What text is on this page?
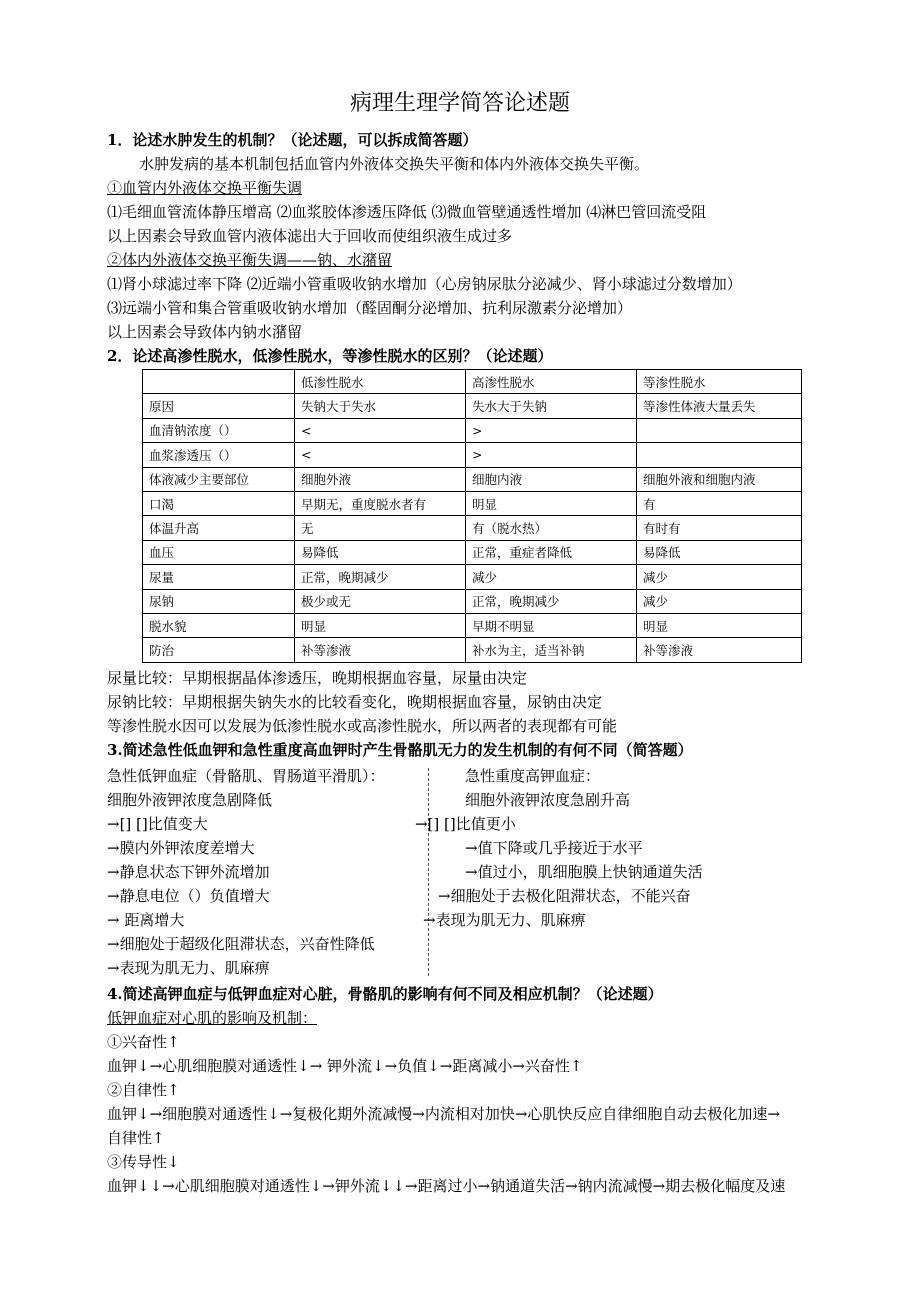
病理生理学简答论述题
1．论述水肿发生的机制？（论述题，可以拆成简答题）
水肿发病的基本机制包括血管内外液体交换失平衡和体内外液体交换失平衡。
①血管内外液体交换平衡失调
⑴毛细血管流体静压增高 ⑵血浆胶体渗透压降低 ⑶微血管壁通透性增加 ⑷淋巴管回流受阻
以上因素会导致血管内液体滤出大于回收而使组织液生成过多
②体内外液体交换平衡失调——钠、水潴留
⑴肾小球滤过率下降 ⑵近端小管重吸收钠水增加（心房钠尿肽分泌减少、肾小球滤过分数增加）
⑶远端小管和集合管重吸收钠水增加（醛固酮分泌增加、抗利尿激素分泌增加）
以上因素会导致体内钠水潴留
2．论述高渗性脱水，低渗性脱水，等渗性脱水的区别？（论述题）
	低渗性脱水	高渗性脱水	等渗性脱水
原因	失钠大于失水	失水大于失钠	等渗性体液大量丢失
血清钠浓度（）	<	>	
血浆渗透压（）	<	>	
体液减少主要部位	细胞外液	细胞内液	细胞外液和细胞内液
口渴	早期无，重度脱水者有	明显	有
体温升高	无	有（脱水热）	有时有
血压	易降低	正常，重症者降低	易降低
尿量	正常，晚期减少	减少	减少
尿钠	极少或无	正常，晚期减少	减少
脱水貌	明显	早期不明显	明显
防治	补等渗液	补水为主，适当补钠	补等渗液
尿量比较：早期根据晶体渗透压，晚期根据血容量，尿量由决定
尿钠比较：早期根据失钠失水的比较看变化，晚期根据血容量，尿钠由决定
等渗性脱水因可以发展为低渗性脱水或高渗性脱水，所以两者的表现都有可能
3.简述急性低血钾和急性重度高血钾时产生骨骼肌无力的发生机制的有何不同（简答题）
急性低钾血症（骨骼肌、胃肠道平滑肌）：
细胞外液钾浓度急剧降低
→[] []比值变大
→膜内外钾浓度差增大
→静息状态下钾外流增加
→静息电位（）负值增大
→ 距离增大
→细胞处于超级化阻滞状态，兴奋性降低
→表现为肌无力、肌麻痹
急性重度高钾血症：
细胞外液钾浓度急剧升高
→[] []比值更小
→值下降或几乎接近于水平
→值过小，肌细胞膜上快钠通道失活
→细胞处于去极化阻滞状态，不能兴奋
→表现为肌无力、肌麻痹
4.简述高钾血症与低钾血症对心脏，骨骼肌的影响有何不同及相应机制？（论述题）
低钾血症对心肌的影响及机制：
①兴奋性↑
血钾↓→心肌细胞膜对通透性↓→ 钾外流↓→负值↓→距离减小→兴奋性↑
②自律性↑
血钾↓→细胞膜对通透性↓→复极化期外流减慢→内流相对加快→心肌快反应自律细胞自动去极化加速→
自律性↑
③传导性↓
血钾↓↓→心肌细胞膜对通透性↓→钾外流↓↓→距离过小→钠通道失活→钠内流减慢→期去极化幅度及速
